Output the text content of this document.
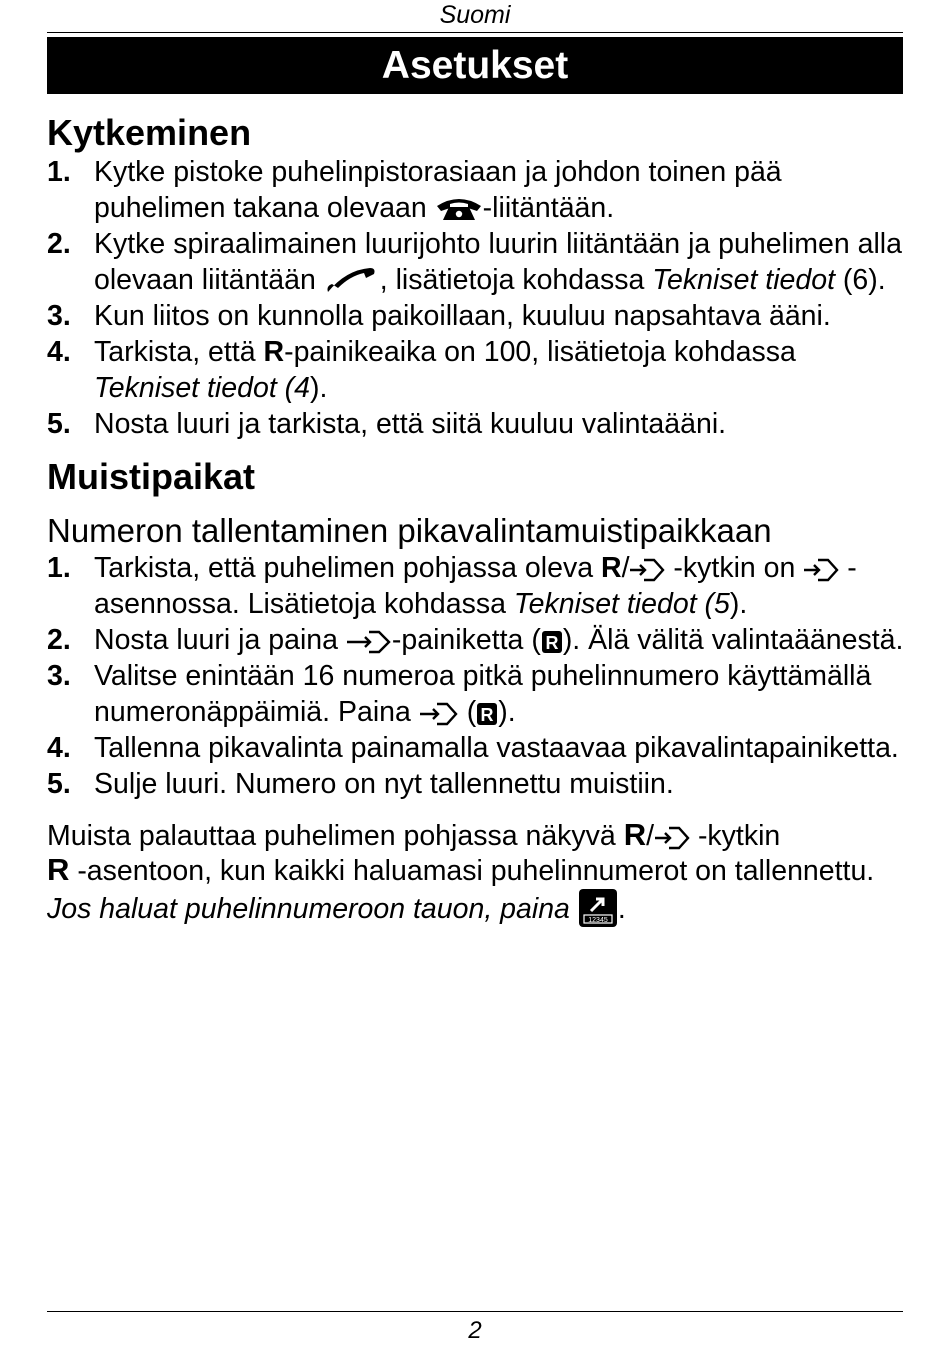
Suomi
Asetukset
Kytkeminen
1. Kytke pistoke puhelinpistorasiaan ja johdon toinen pää puhelimen takana olevaan -liitäntään.
2. Kytke spiraalimainen luurijohto luurin liitäntään ja puhelimen alla olevaan liitäntään , lisätietoja kohdassa Tekniset tiedot (6).
3. Kun liitos on kunnolla paikoillaan, kuuluu napsahtava ääni.
4. Tarkista, että R-painikeaika on 100, lisätietoja kohdassa Tekniset tiedot (4).
5. Nosta luuri ja tarkista, että siitä kuuluu valintaääni.
Muistipaikat
Numeron tallentaminen pikavalintamuistipaikkaan
1. Tarkista, että puhelimen pohjassa oleva R/ -kytkin on -asennossa. Lisätietoja kohdassa Tekniset tiedot (5).
2. Nosta luuri ja paina -painiketta ( R ). Älä välitä valintaäänestä.
3. Valitse enintään 16 numeroa pitkä puhelinnumero käyttämällä numeronäppäimiä. Paina ( R ).
4. Tallenna pikavalinta painamalla vastaavaa pikavalintapainiketta.
5. Sulje luuri. Numero on nyt tallennettu muistiin.

Muista palauttaa puhelimen pohjassa näkyvä R/ -kytkin
R -asentoon, kun kaikki haluamasi puhelinnumerot on tallennettu.

Jos haluat puhelinnumeroon tauon, paina	12345 .

2
